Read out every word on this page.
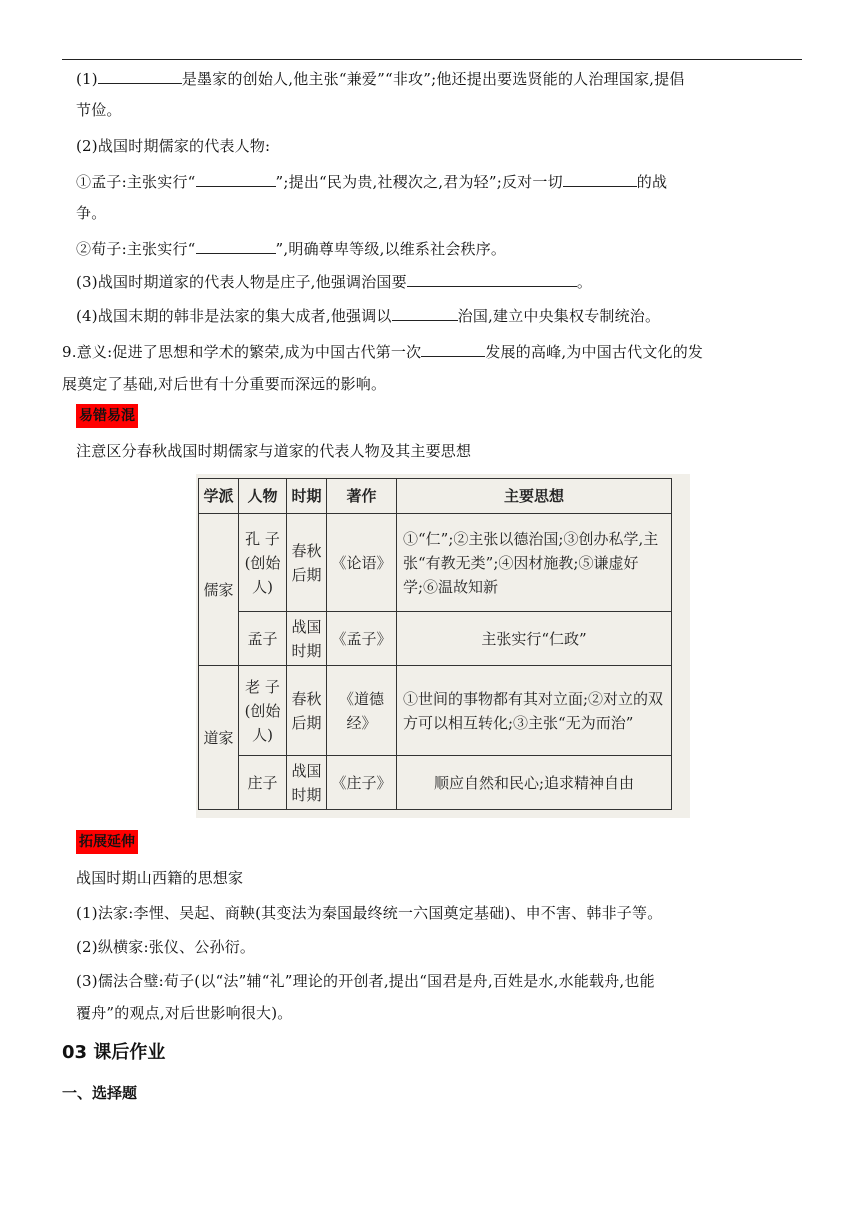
(1)	是墨家的创始人,他主张“兼爱”“非攻”;他还提出要选贤能的人治理国家,提倡
节俭。
(2)战国时期儒家的代表人物:
①孟子:主张实行“	”;提出“民为贵,社稷次之,君为轻”;反对一切	的战
争。
②荀子:主张实行“	”,明确尊卑等级,以维系社会秩序。
(3)战国时期道家的代表人物是庄子,他强调治国要	。
(4)战国末期的韩非是法家的集大成者,他强调以	治国,建立中央集权专制统治。
9.意义:促进了思想和学术的繁荣,成为中国古代第一次	发展的高峰,为中国古代文化的发
展奠定了基础,对后世有十分重要而深远的影响。
易错易混
注意区分春秋战国时期儒家与道家的代表人物及其主要思想
学派	人物	时期	著作	主要思想
儒家	孔 子(创始人)	春秋后期	《论语》	①“仁”;②主张以德治国;③创办私学,主张“有教无类”;④因材施教;⑤谦虚好学;⑥温故知新
	孟子	战国时期	《孟子》	主张实行“仁政”
道家	老 子(创始人)	春秋后期	《道德经》	①世间的事物都有其对立面;②对立的双方可以相互转化;③主张“无为而治”
	庄子	战国时期	《庄子》	顺应自然和民心;追求精神自由
拓展延伸
战国时期山西籍的思想家
(1)法家:李悝、吴起、商鞅(其变法为秦国最终统一六国奠定基础)、申不害、韩非子等。
(2)纵横家:张仪、公孙衍。
(3)儒法合璧:荀子(以“法”辅“礼”理论的开创者,提出“国君是舟,百姓是水,水能载舟,也能
覆舟”的观点,对后世影响很大)。
03 课后作业
一、选择题
